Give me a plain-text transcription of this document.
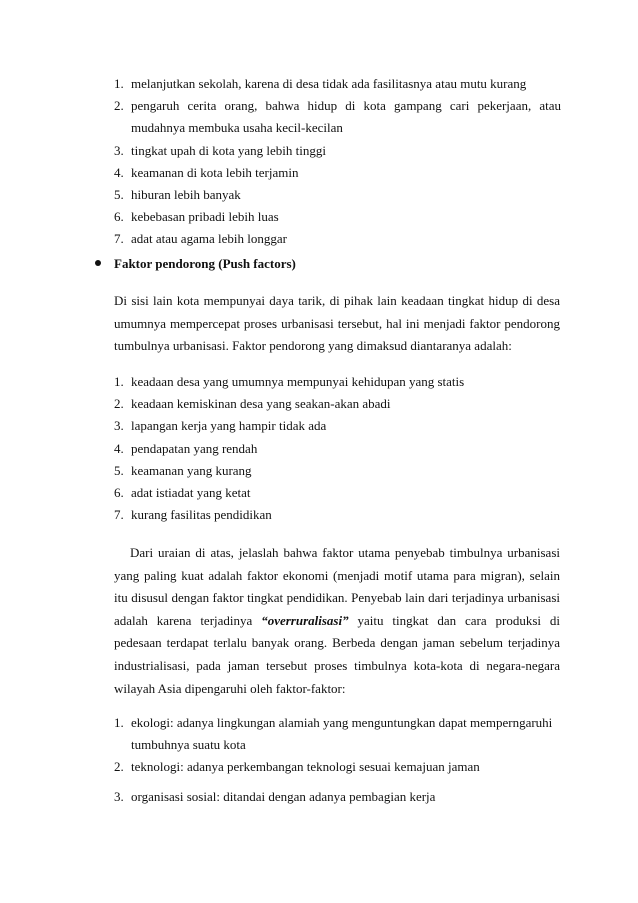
1. melanjutkan sekolah, karena di desa tidak ada fasilitasnya atau mutu kurang
2. pengaruh cerita orang, bahwa hidup di kota gampang cari pekerjaan, atau mudahnya membuka usaha kecil-kecilan
3. tingkat upah di kota yang lebih tinggi
4. keamanan di kota lebih terjamin
5. hiburan lebih banyak
6. kebebasan pribadi lebih luas
7. adat atau agama lebih longgar
Faktor pendorong (Push factors)

Di sisi lain kota mempunyai daya tarik, di pihak lain keadaan tingkat hidup di desa umumnya mempercepat proses urbanisasi tersebut, hal ini menjadi faktor pendorong tumbulnya urbanisasi. Faktor pendorong yang dimaksud diantaranya adalah:

1. keadaan desa yang umumnya mempunyai kehidupan yang statis
2. keadaan kemiskinan desa yang seakan-akan abadi
3. lapangan kerja yang hampir tidak ada
4. pendapatan yang rendah
5. keamanan yang kurang
6. adat istiadat yang ketat
7. kurang fasilitas pendidikan

Dari uraian di atas, jelaslah bahwa faktor utama penyebab timbulnya urbanisasi yang paling kuat adalah faktor ekonomi (menjadi motif utama para migran), selain itu disusul dengan faktor tingkat pendidikan. Penyebab lain dari terjadinya urbanisasi adalah karena terjadinya “overruralisasi” yaitu tingkat dan cara produksi di pedesaan terdapat terlalu banyak orang. Berbeda dengan jaman sebelum terjadinya industrialisasi, pada jaman tersebut proses timbulnya kota-kota di negara-negara wilayah Asia dipengaruhi oleh faktor-faktor:

1. ekologi: adanya lingkungan alamiah yang menguntungkan dapat memperngaruhi tumbuhnya suatu kota
2. teknologi: adanya perkembangan teknologi sesuai kemajuan jaman
3. organisasi sosial: ditandai dengan adanya pembagian kerja
